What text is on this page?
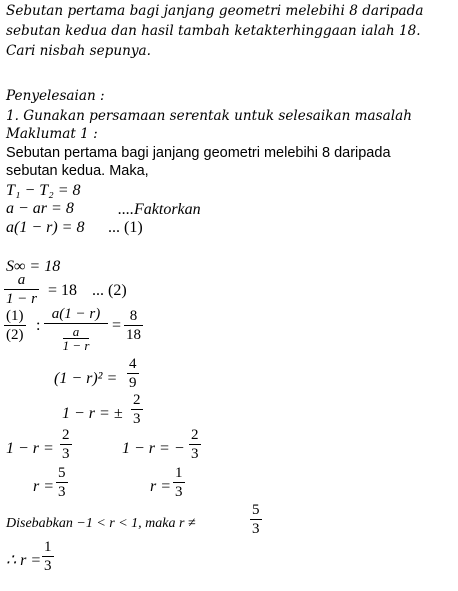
Sebutan pertama bagi janjang geometri melebihi 8 daripada
sebutan kedua dan hasil tambah ketakterhinggaan ialah 18.
Cari nisbah sepunya.
Penyelesaian :
1. Gunakan persamaan serentak untuk selesaikan masalah
Maklumat 1 :
Sebutan pertama bagi janjang geometri melebihi 8 daripada
sebutan kedua. Maka,
T₁ − T₂ = 8
a − ar = 8	....Faktorkan
a(1 − r) = 8 ... (1)
S∞ = 18
a
1 − r = 18 ... (2)
(1)
(2)
:
a(1 − r)
$\frac{a}{1 - r}$ =
8
18
(1 − r)² =
4
9
1 − r = ±
2
3
1 − r =
2
3	1 − r = −
2
3
r =
5
3	r =
1
3
Disebabkan −1 < r < 1, maka r ≠
5
3
∴ r =
1
3
